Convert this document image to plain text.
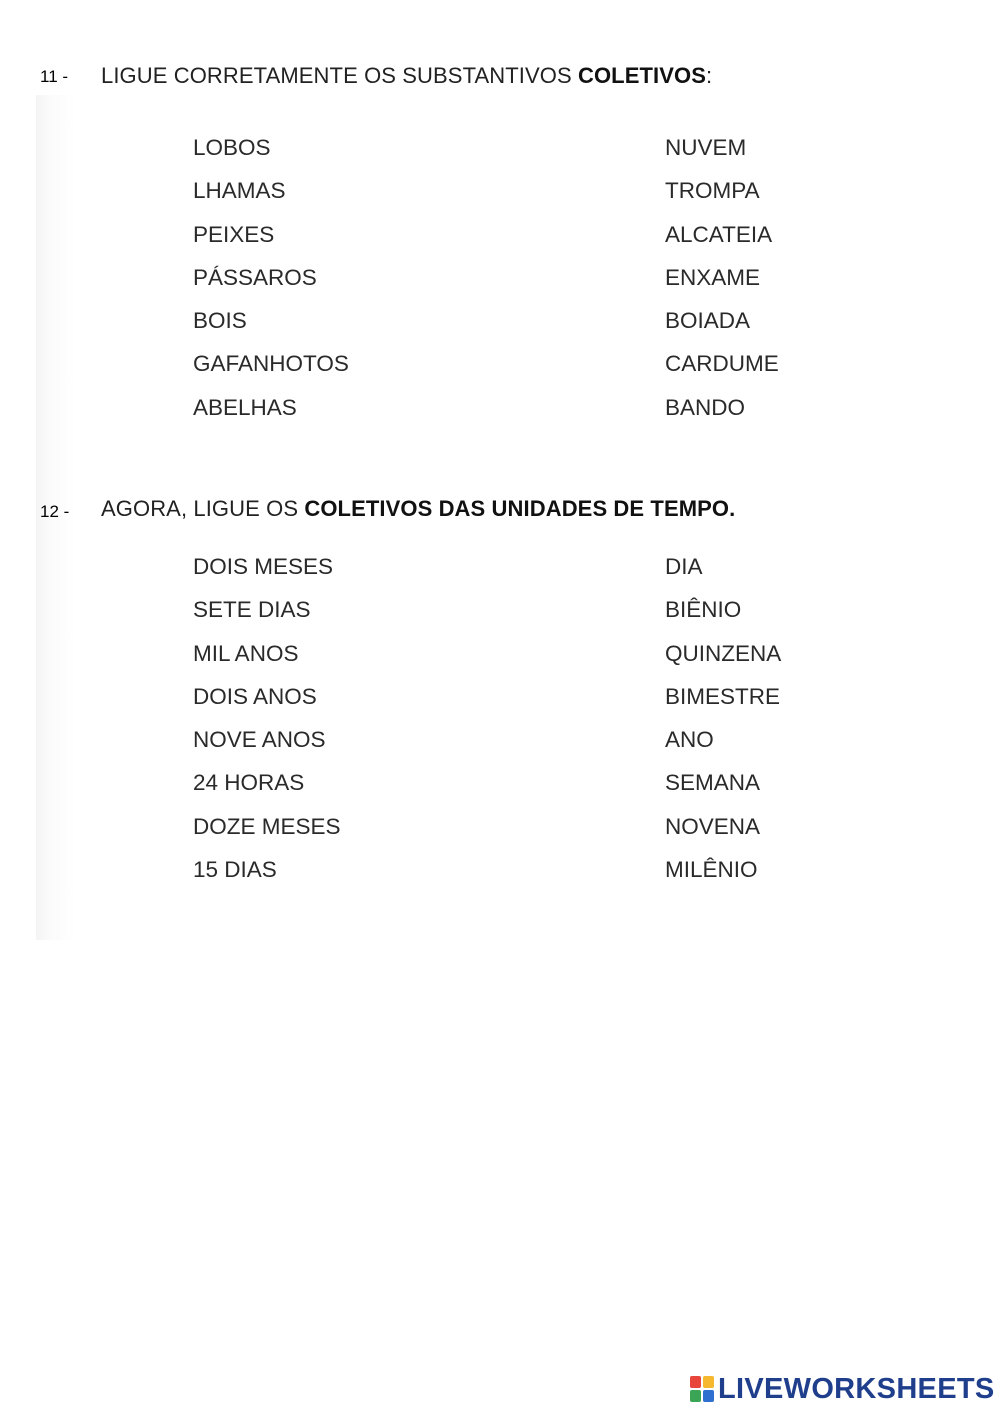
11 - LIGUE CORRETAMENTE OS SUBSTANTIVOS COLETIVOS:
LOBOS
LHAMAS
PEIXES
PÁSSAROS
BOIS
GAFANHOTOS
ABELHAS
NUVEM
TROMPA
ALCATEIA
ENXAME
BOIADA
CARDUME
BANDO
12 - AGORA, LIGUE OS COLETIVOS DAS UNIDADES DE TEMPO.
DOIS MESES
SETE DIAS
MIL ANOS
DOIS ANOS
NOVE ANOS
24 HORAS
DOZE MESES
15 DIAS
DIA
BIÊNIO
QUINZENA
BIMESTRE
ANO
SEMANA
NOVENA
MILÊNIO
LIVEWORKSHEETS
